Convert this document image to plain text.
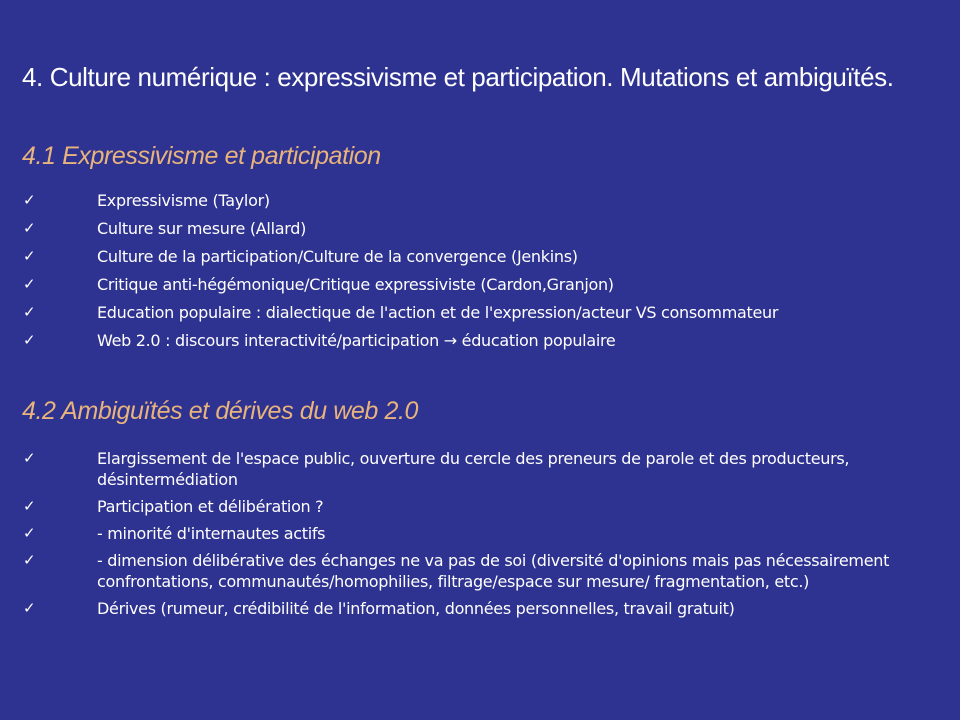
4. Culture numérique : expressivisme et participation. Mutations et ambiguïtés.
4.1 Expressivisme et participation
✓	Expressivisme (Taylor)
✓	Culture sur mesure (Allard)
✓	Culture de la participation/Culture de la convergence (Jenkins)
✓	Critique anti-hégémonique/Critique expressiviste (Cardon,Granjon)
✓	Education populaire : dialectique de l'action et de l'expression/acteur VS consommateur
✓	Web 2.0 : discours interactivité/participation → éducation populaire
4.2 Ambiguïtés et dérives du web 2.0
✓	Elargissement de l'espace public, ouverture du cercle des preneurs de parole et des producteurs, désintermédiation
✓	Participation et délibération ?
✓	- minorité d'internautes actifs
✓	- dimension délibérative des échanges ne va pas de soi (diversité d'opinions mais pas nécessairement confrontations, communautés/homophilies, filtrage/espace sur mesure/ fragmentation, etc.)
✓	Dérives (rumeur, crédibilité de l'information, données personnelles, travail gratuit)
